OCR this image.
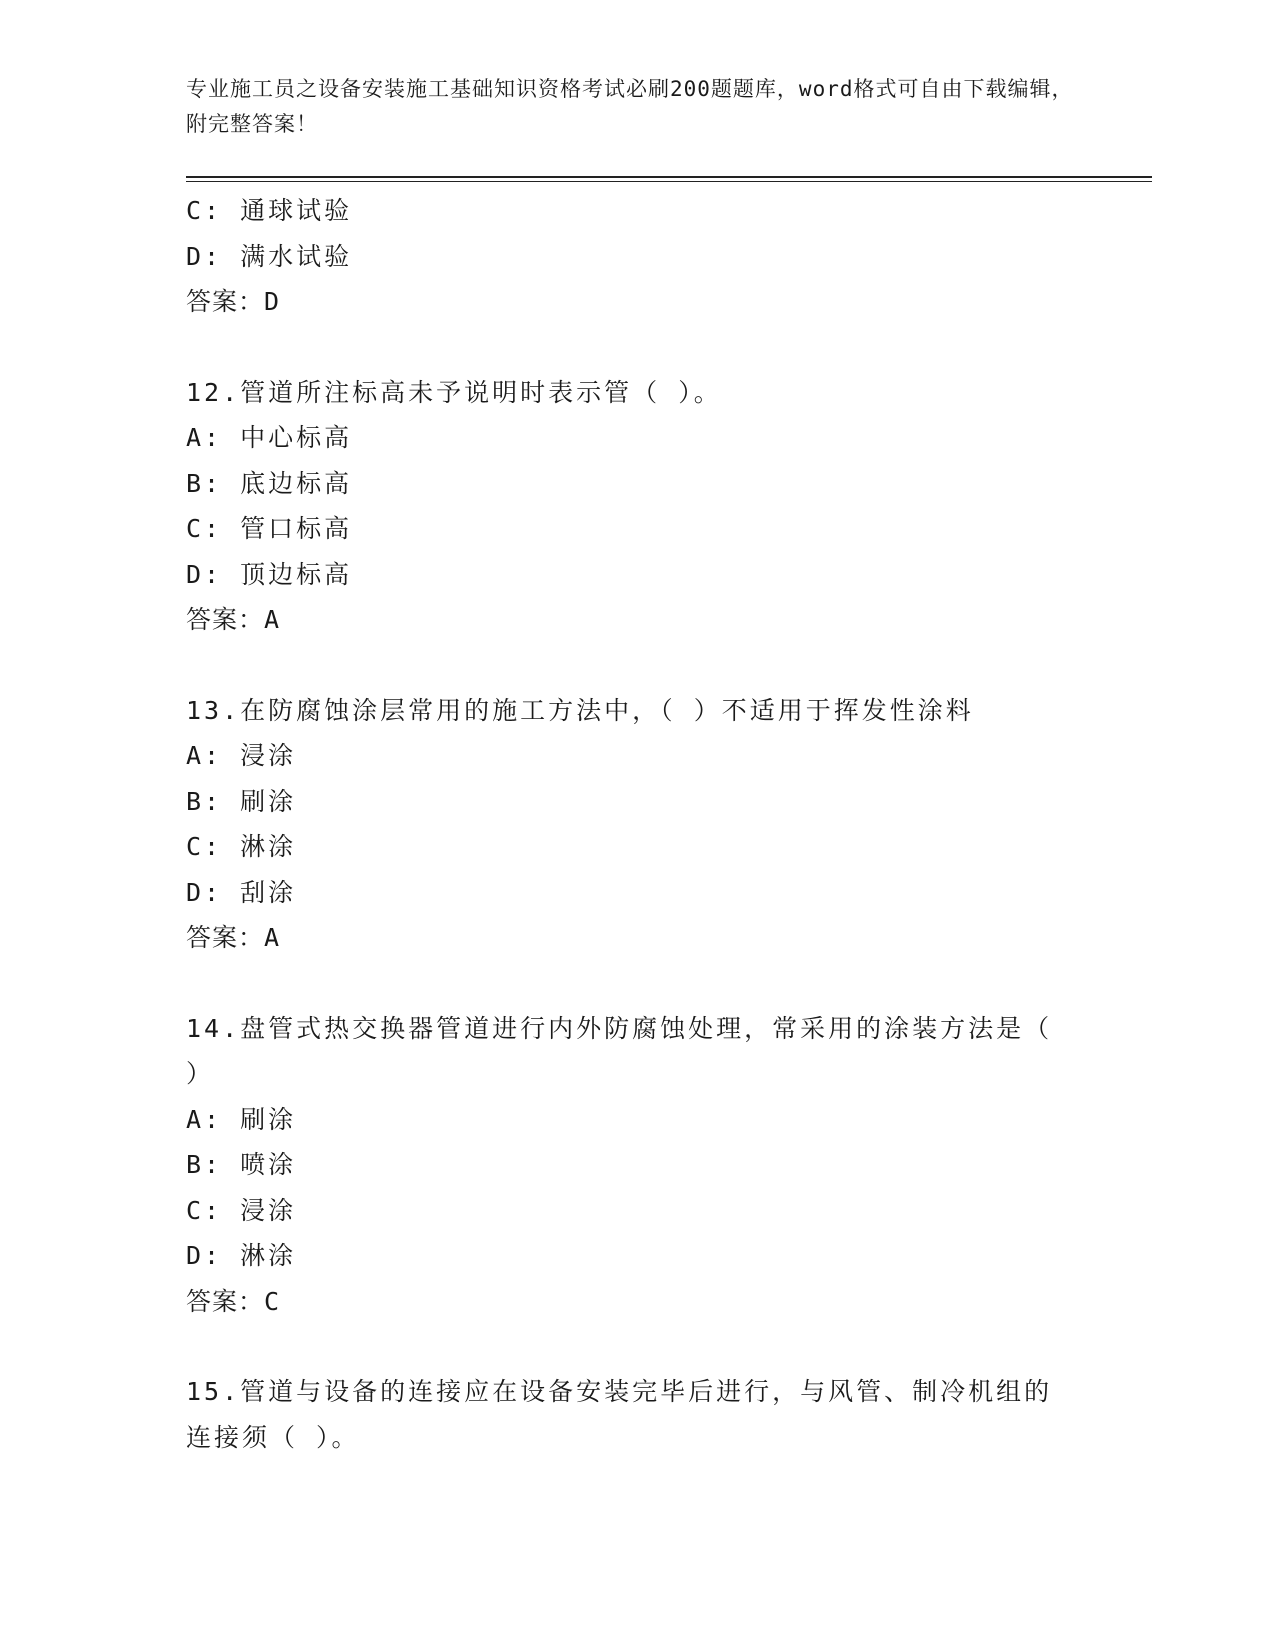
专业施工员之设备安装施工基础知识资格考试必刷200题题库，word格式可自由下载编辑，附完整答案！
C: 通球试验
D: 满水试验
答案：D
12.管道所注标高未予说明时表示管（ ）。
A: 中心标高
B: 底边标高
C: 管口标高
D: 顶边标高
答案：A
13.在防腐蚀涂层常用的施工方法中，（ ）不适用于挥发性涂料
A: 浸涂
B: 刷涂
C: 淋涂
D: 刮涂
答案：A
14.盘管式热交换器管道进行内外防腐蚀处理，常采用的涂装方法是（ ）
A: 刷涂
B: 喷涂
C: 浸涂
D: 淋涂
答案：C
15.管道与设备的连接应在设备安装完毕后进行，与风管、制冷机组的连接须（ ）。
